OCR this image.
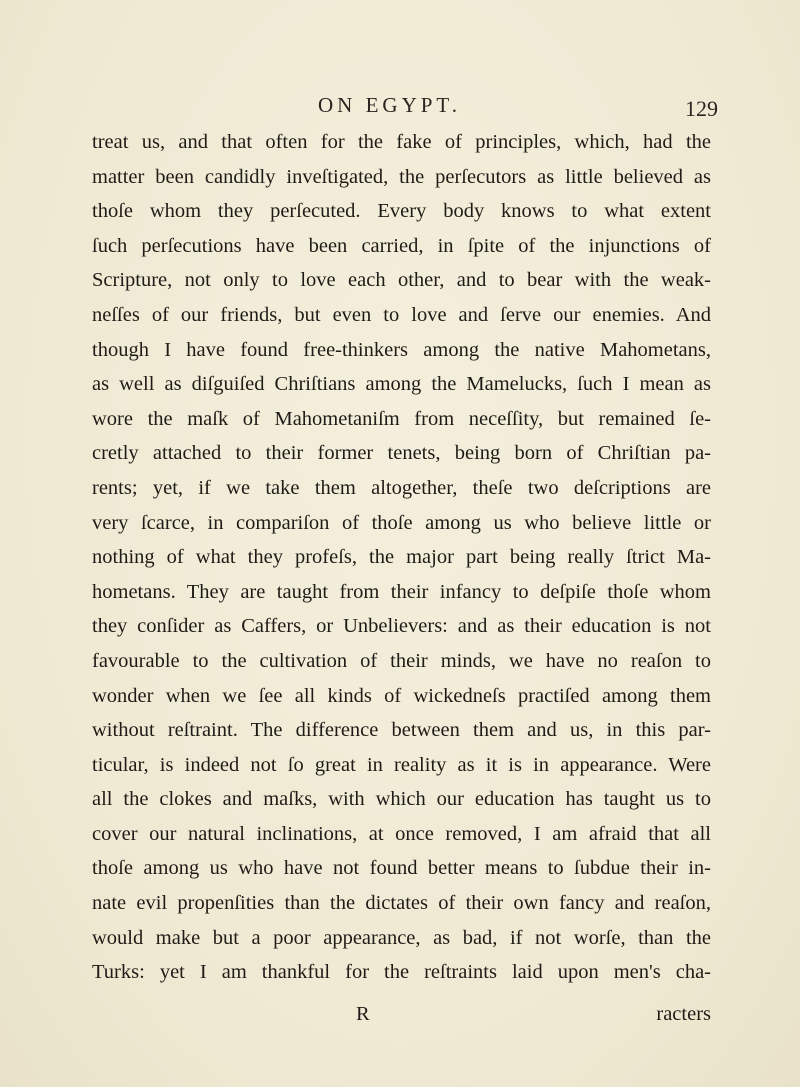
ON EGYPT.	129
treat us, and that often for the fake of principles, which, had the
matter been candidly inveſtigated, the perſecutors as little believed as
thoſe whom they perſecuted. Every body knows to what extent
ſuch perſecutions have been carried, in ſpite of the injunctions of
Scripture, not only to love each other, and to bear with the weak-
neſſes of our friends, but even to love and ſerve our enemies. And
though I have found free-thinkers among the native Mahometans,
as well as diſguiſed Chriſtians among the Mamelucks, ſuch I mean as
wore the maſk of Mahometaniſm from neceſſity, but remained ſe-
cretly attached to their former tenets, being born of Chriſtian pa-
rents; yet, if we take them altogether, theſe two deſcriptions are
very ſcarce, in compariſon of thoſe among us who believe little or
nothing of what they profeſs, the major part being really ſtrict Ma-
hometans. They are taught from their infancy to deſpiſe thoſe whom
they conſider as Caffers, or Unbelievers: and as their education is not
favourable to the cultivation of their minds, we have no reaſon to
wonder when we ſee all kinds of wickedneſs practiſed among them
without reſtraint. The difference between them and us, in this par-
ticular, is indeed not ſo great in reality as it is in appearance. Were
all the clokes and maſks, with which our education has taught us to
cover our natural inclinations, at once removed, I am afraid that all
thoſe among us who have not found better means to ſubdue their in-
nate evil propenſities than the dictates of their own fancy and reaſon,
would make but a poor appearance, as bad, if not worſe, than the
Turks: yet I am thankful for the reſtraints laid upon men's cha-
R	racters
